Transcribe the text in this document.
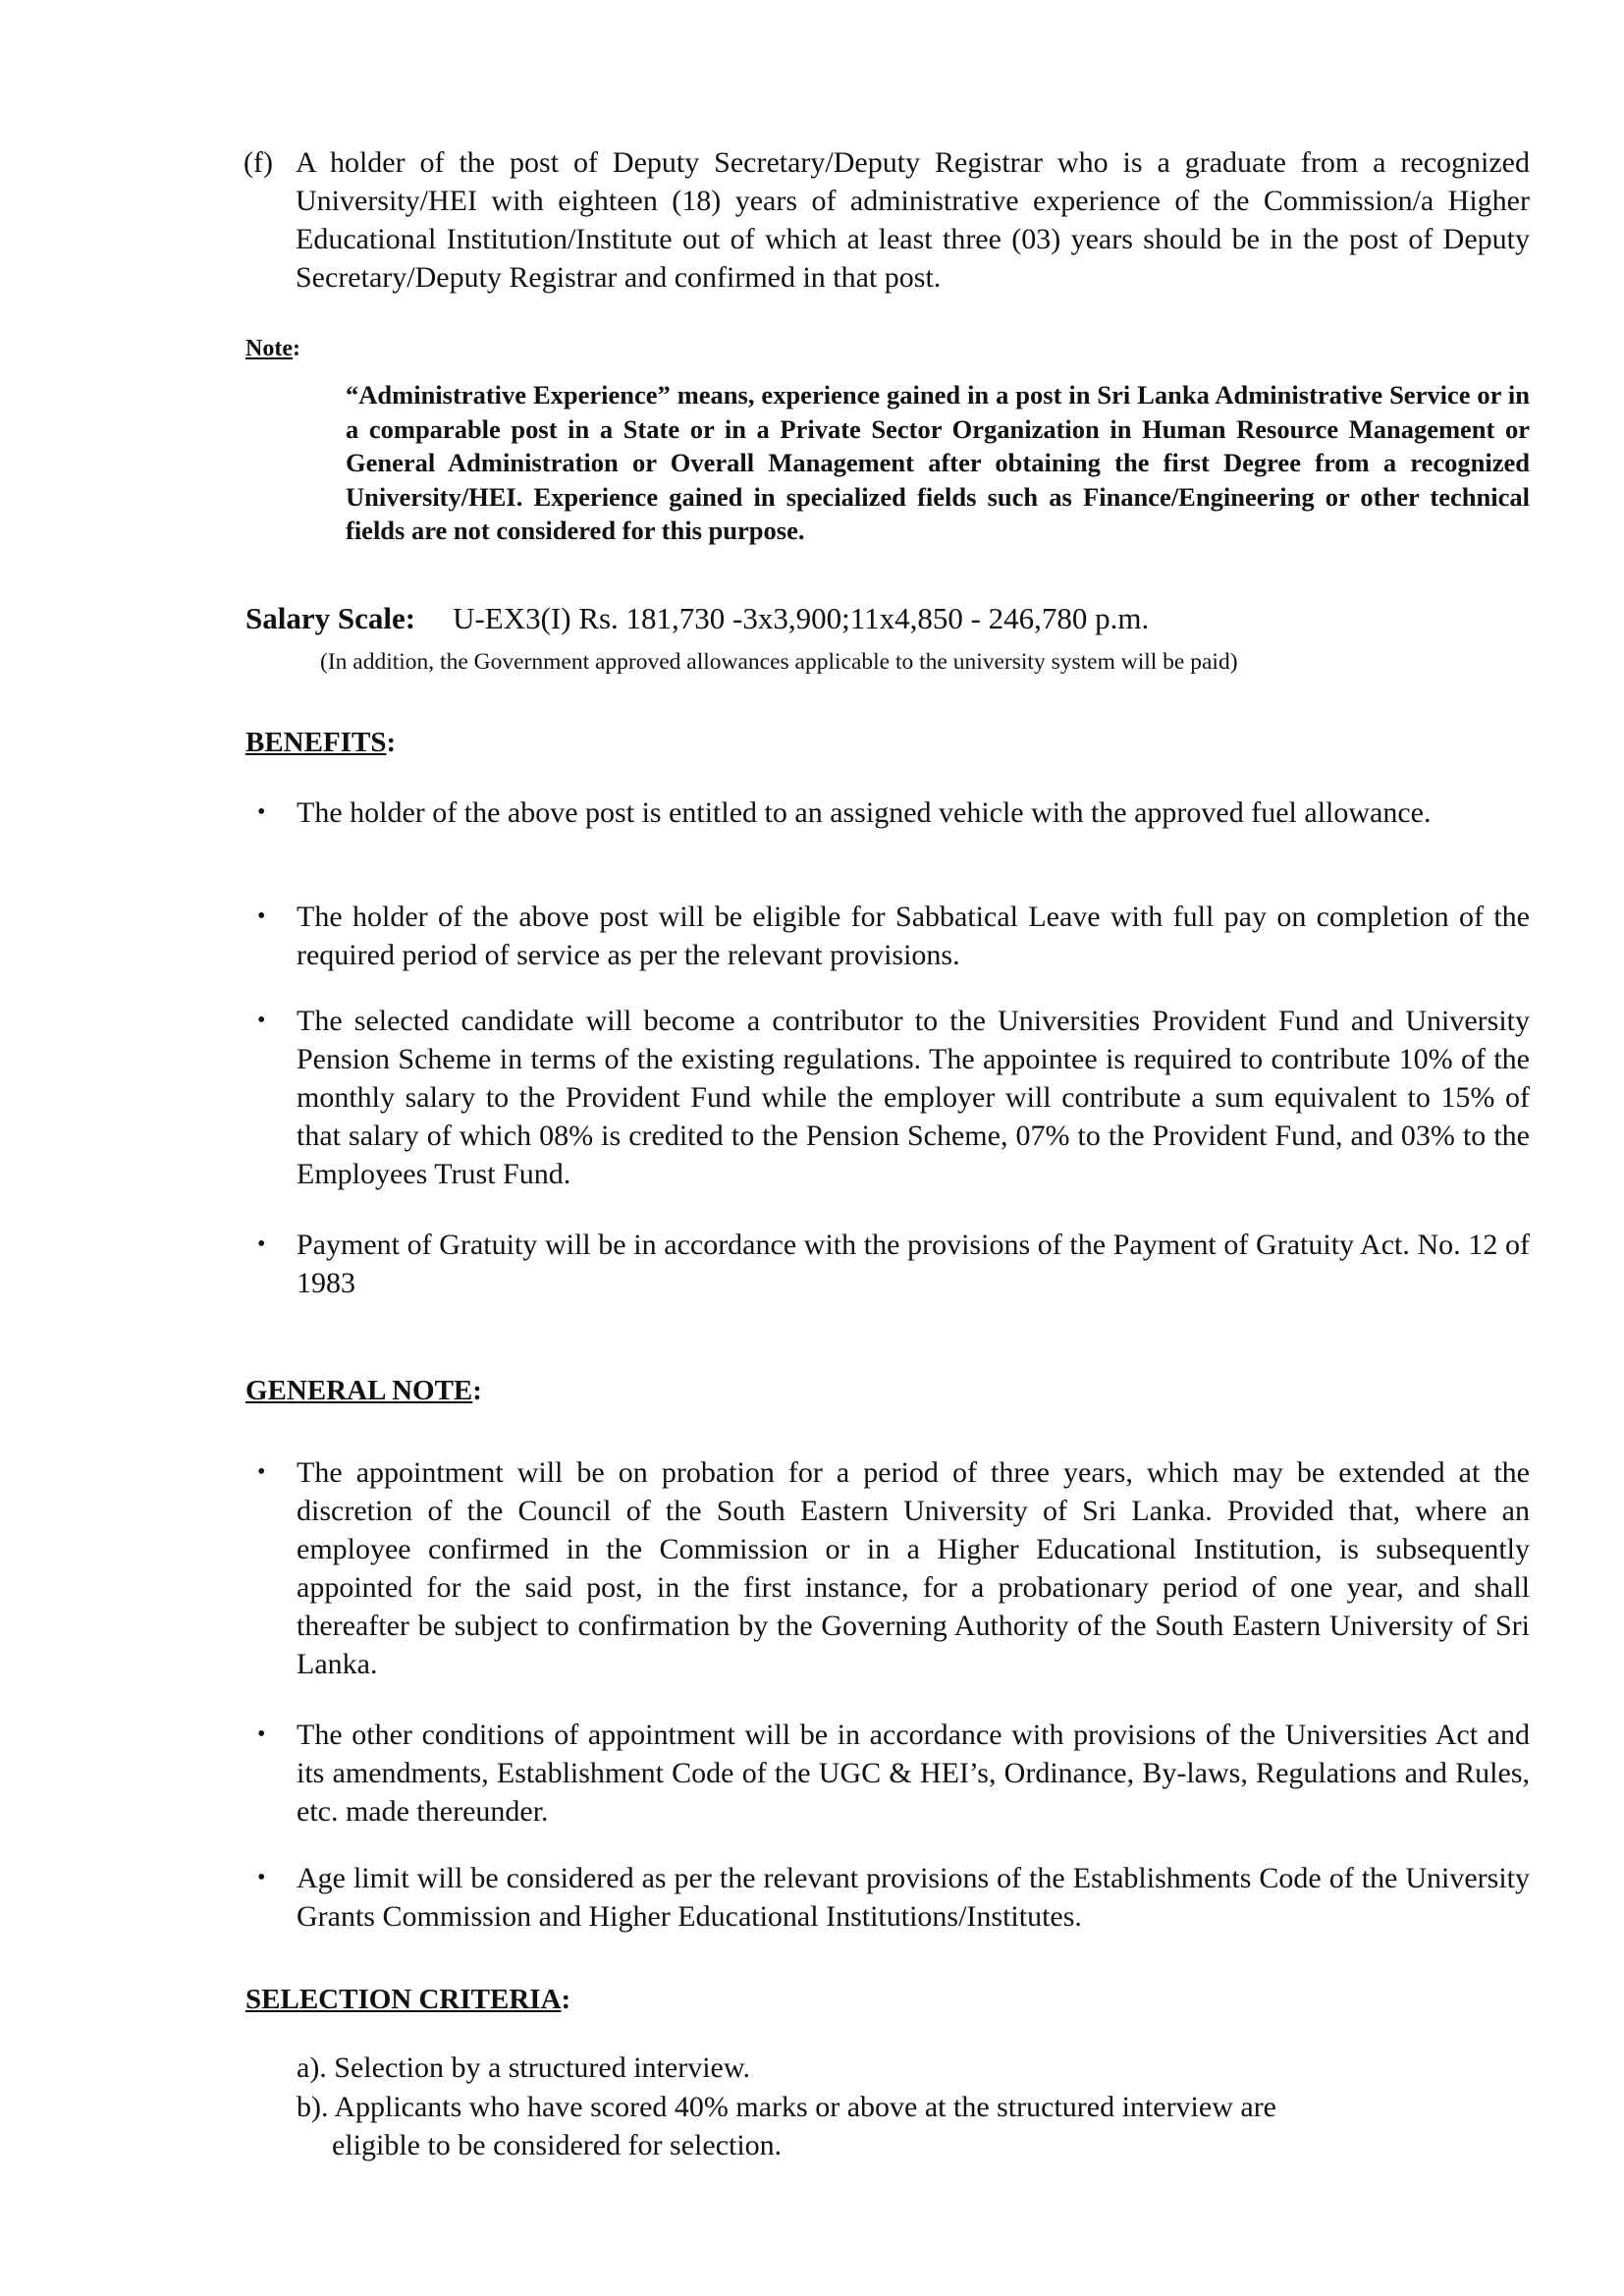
(f) A holder of the post of Deputy Secretary/Deputy Registrar who is a graduate from a recognized University/HEI with eighteen (18) years of administrative experience of the Commission/a Higher Educational Institution/Institute out of which at least three (03) years should be in the post of Deputy Secretary/Deputy Registrar and confirmed in that post.
Note:
“Administrative Experience” means, experience gained in a post in Sri Lanka Administrative Service or in a comparable post in a State or in a Private Sector Organization in Human Resource Management or General Administration or Overall Management after obtaining the first Degree from a recognized University/HEI. Experience gained in specialized fields such as Finance/Engineering or other technical fields are not considered for this purpose.
Salary Scale: U-EX3(I) Rs. 181,730 -3x3,900;11x4,850 - 246,780 p.m.
(In addition, the Government approved allowances applicable to the university system will be paid)
BENEFITS:
• The holder of the above post is entitled to an assigned vehicle with the approved fuel allowance.
• The holder of the above post will be eligible for Sabbatical Leave with full pay on completion of the required period of service as per the relevant provisions.
• The selected candidate will become a contributor to the Universities Provident Fund and University Pension Scheme in terms of the existing regulations. The appointee is required to contribute 10% of the monthly salary to the Provident Fund while the employer will contribute a sum equivalent to 15% of that salary of which 08% is credited to the Pension Scheme, 07% to the Provident Fund, and 03% to the Employees Trust Fund.
• Payment of Gratuity will be in accordance with the provisions of the Payment of Gratuity Act. No. 12 of 1983
GENERAL NOTE:
• The appointment will be on probation for a period of three years, which may be extended at the discretion of the Council of the South Eastern University of Sri Lanka. Provided that, where an employee confirmed in the Commission or in a Higher Educational Institution, is subsequently appointed for the said post, in the first instance, for a probationary period of one year, and shall thereafter be subject to confirmation by the Governing Authority of the South Eastern University of Sri Lanka.
• The other conditions of appointment will be in accordance with provisions of the Universities Act and its amendments, Establishment Code of the UGC & HEI’s, Ordinance, By-laws, Regulations and Rules, etc. made thereunder.
• Age limit will be considered as per the relevant provisions of the Establishments Code of the University Grants Commission and Higher Educational Institutions/Institutes.
SELECTION CRITERIA:
a). Selection by a structured interview.
b). Applicants who have scored 40% marks or above at the structured interview are
eligible to be considered for selection.
